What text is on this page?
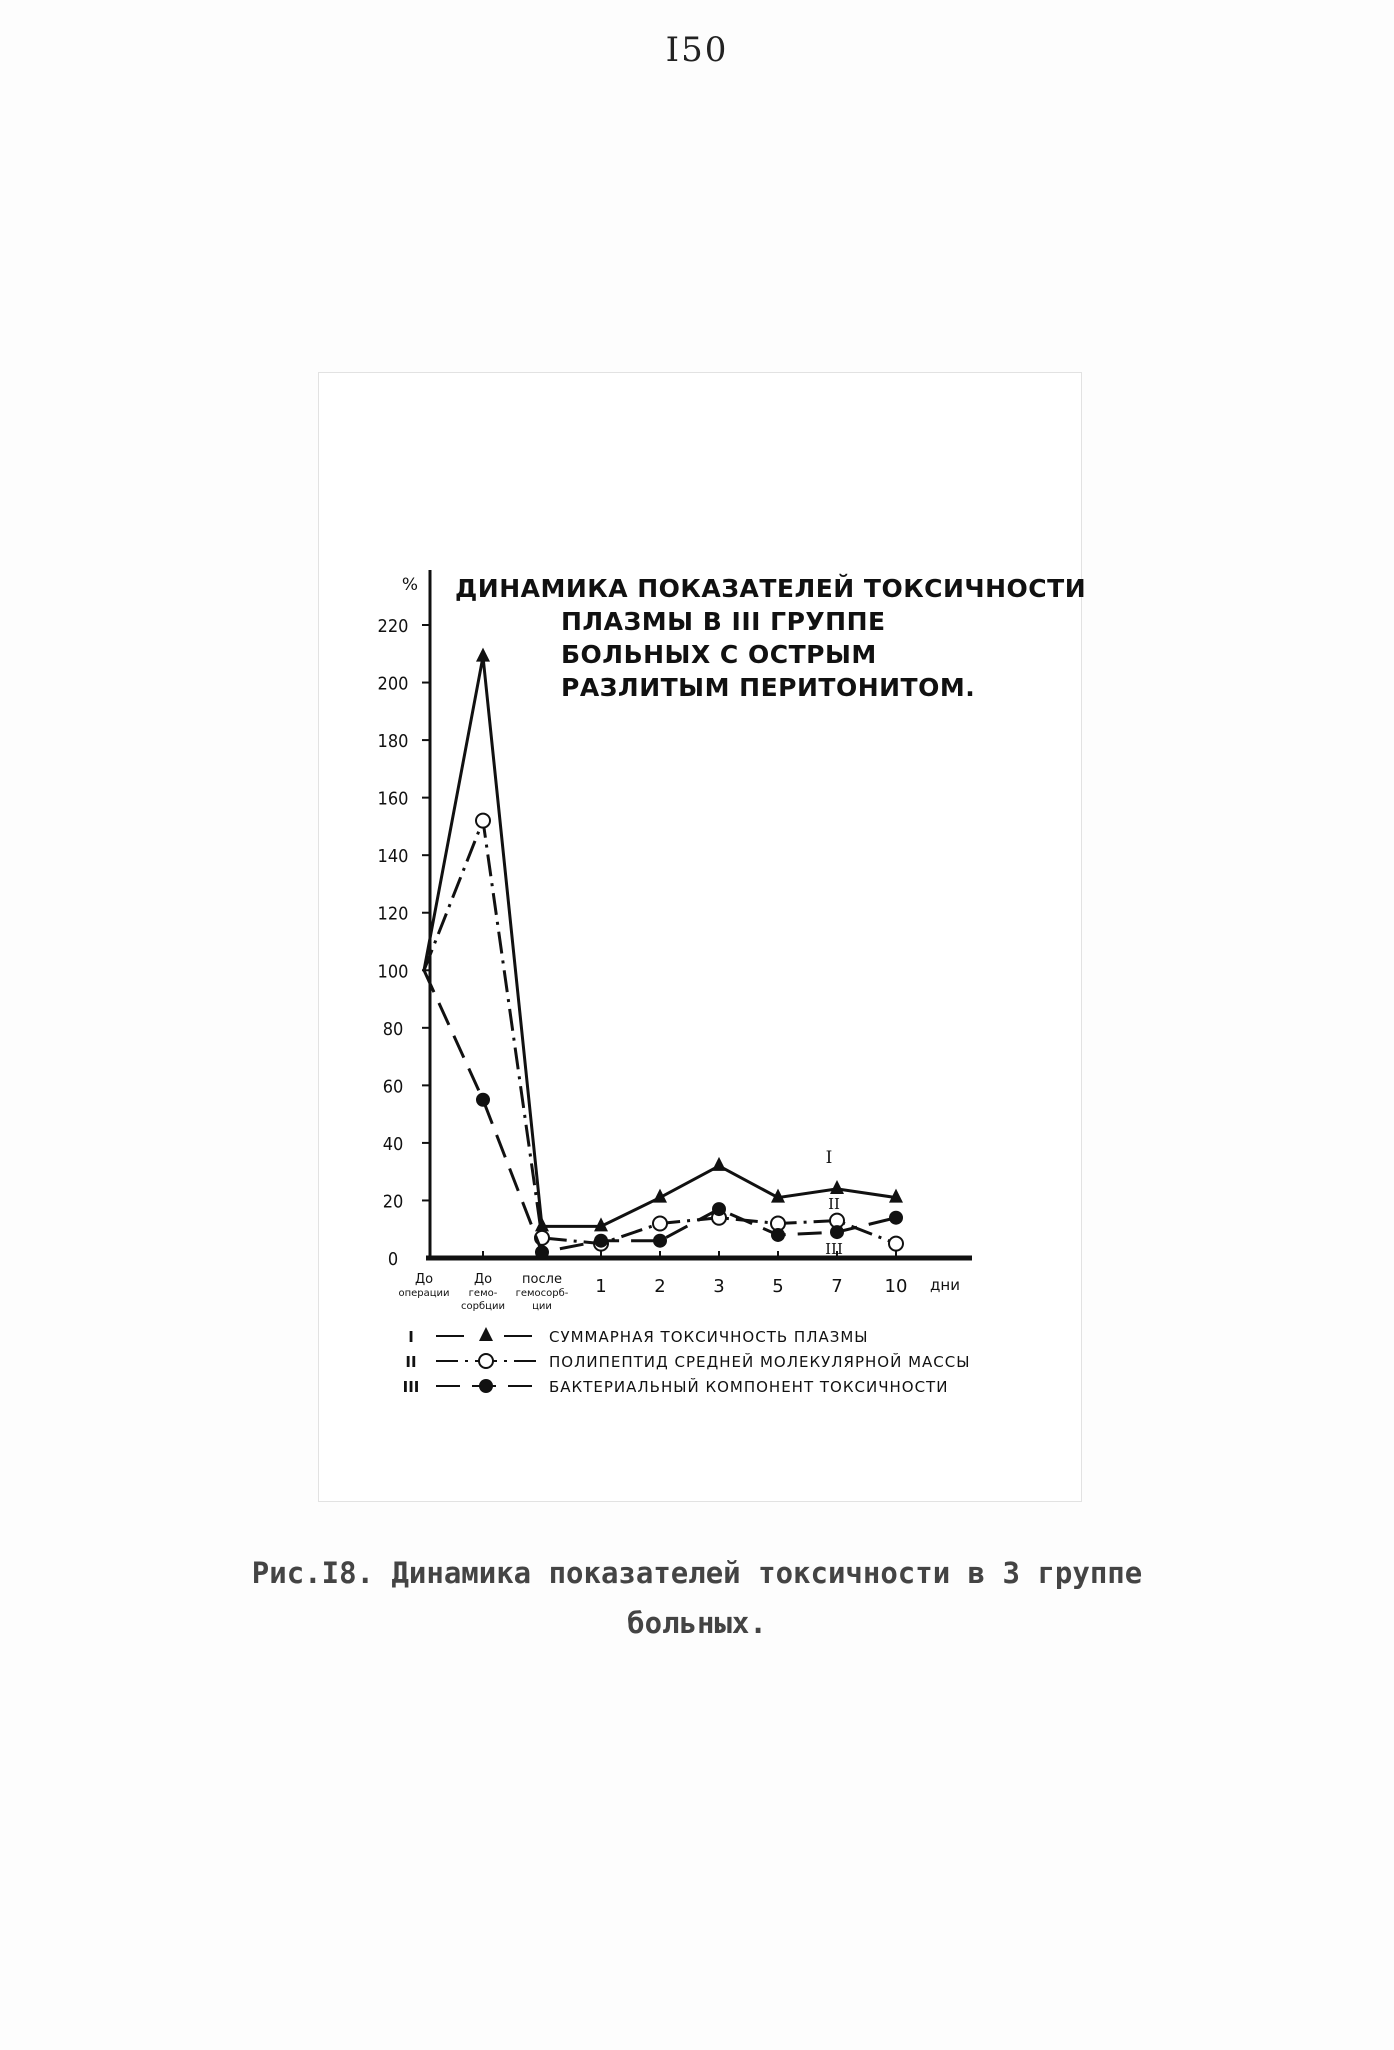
I50
%
0
20
40
60
80
100
120
140
160
180
200
220
До
операции
До
гемо-
сорбции
после
гемосорб-
ции
1	2	3	5	7 10 дни
I
II
III
I	СУММАРНАЯ ТОКСИЧНОСТЬ ПЛАЗМЫ
II	ПОЛИПЕПТИД СРЕДНЕЙ МОЛЕКУЛЯРНОЙ МАССЫ
III	БАКТЕРИАЛЬНЫЙ КОМПОНЕНТ ТОКСИЧНОСТИ
ДИНАМИКА ПОКАЗАТЕЛЕЙ ТОКСИЧНОСТИ
ПЛАЗМЫ В III ГРУППЕ
БОЛЬНЫХ С ОСТРЫМ
РАЗЛИТЫМ ПЕРИТОНИТОМ.
Рис.I8. Динамика показателей токсичности в 3 группе
больных.
